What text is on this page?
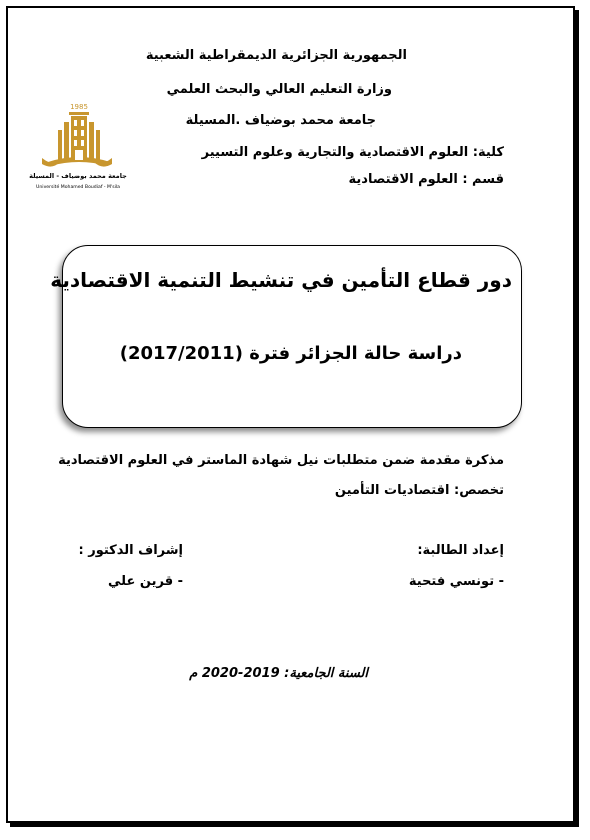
الجمهورية الجزائرية الديمقراطية الشعبية
وزارة التعليم العالي والبحث العلمي
جامعة محمد بوضياف .المسيلة
كلية: العلوم الاقتصادية والتجارية وعلوم التسيير
قسم : العلوم الاقتصادية
1985
جامعة محمد بوضياف - المسيلة
Université Mohamed Boudiaf - M'sila
دور قطاع التأمين في تنشيط التنمية الاقتصادية
دراسة حالة الجزائر فترة (2017/2011)
مذكرة مقدمة ضمن متطلبات نيل شهادة الماستر في العلوم الاقتصادية
تخصص: اقتصاديات التأمين
إعداد الطالبة:
- تونسي فتحية
إشراف الدكتور :
- قرين علي
السنة الجامعية: 2019-2020 م
